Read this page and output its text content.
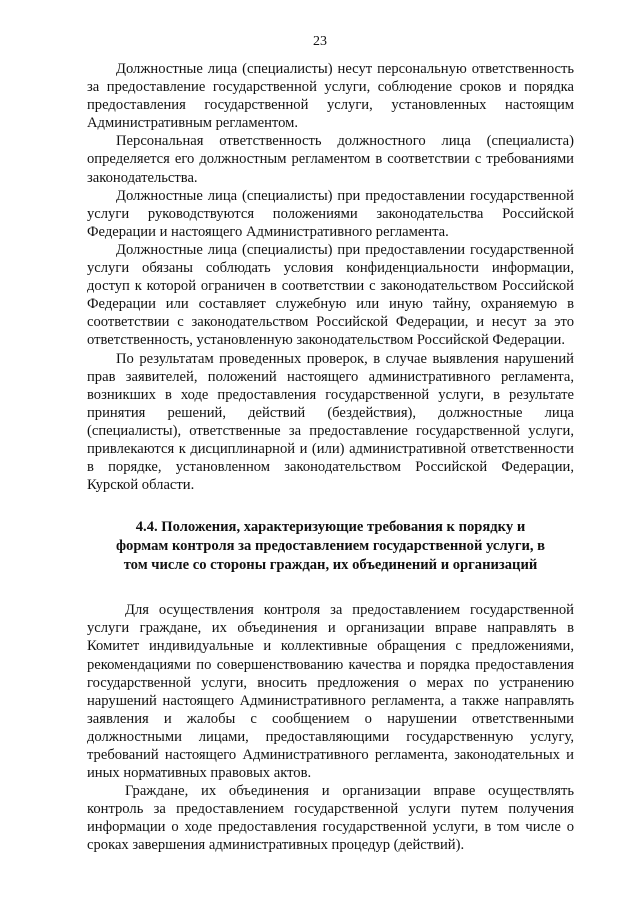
23

Должностные лица (специалисты) несут персональную ответственность за предоставление государственной услуги, соблюдение сроков и порядка предоставления государственной услуги, установленных настоящим Административным регламентом.

Персональная ответственность должностного лица (специалиста) определяется его должностным регламентом в соответствии с требованиями законодательства.

Должностные лица (специалисты) при предоставлении государственной услуги руководствуются положениями законодательства Российской Федерации и настоящего Административного регламента.

Должностные лица (специалисты) при предоставлении государственной услуги обязаны соблюдать условия конфиденциальности информации, доступ к которой ограничен в соответствии с законодательством Российской Федерации или составляет служебную или иную тайну, охраняемую в соответствии с законодательством Российской Федерации, и несут за это ответственность, установленную законодательством Российской Федерации.

По результатам проведенных проверок, в случае выявления нарушений прав заявителей, положений настоящего административного регламента, возникших в ходе предоставления государственной услуги, в результате принятия решений, действий (бездействия), должностные лица (специалисты), ответственные за предоставление государственной услуги, привлекаются к дисциплинарной и (или) административной ответственности в порядке, установленном законодательством Российской Федерации, Курской области.

4.4. Положения, характеризующие требования к порядку и формам контроля за предоставлением государственной услуги, в том числе со стороны граждан, их объединений и организаций

Для осуществления контроля за предоставлением государственной услуги граждане, их объединения и организации вправе направлять в Комитет индивидуальные и коллективные обращения с предложениями, рекомендациями по совершенствованию качества и порядка предоставления государственной услуги, вносить предложения о мерах по устранению нарушений настоящего Административного регламента, а также направлять заявления и жалобы с сообщением о нарушении ответственными должностными лицами, предоставляющими государственную услугу, требований настоящего Административного регламента, законодательных и иных нормативных правовых актов.

Граждане, их объединения и организации вправе осуществлять контроль за предоставлением государственной услуги путем получения информации о ходе предоставления государственной услуги, в том числе о сроках завершения административных процедур (действий).
